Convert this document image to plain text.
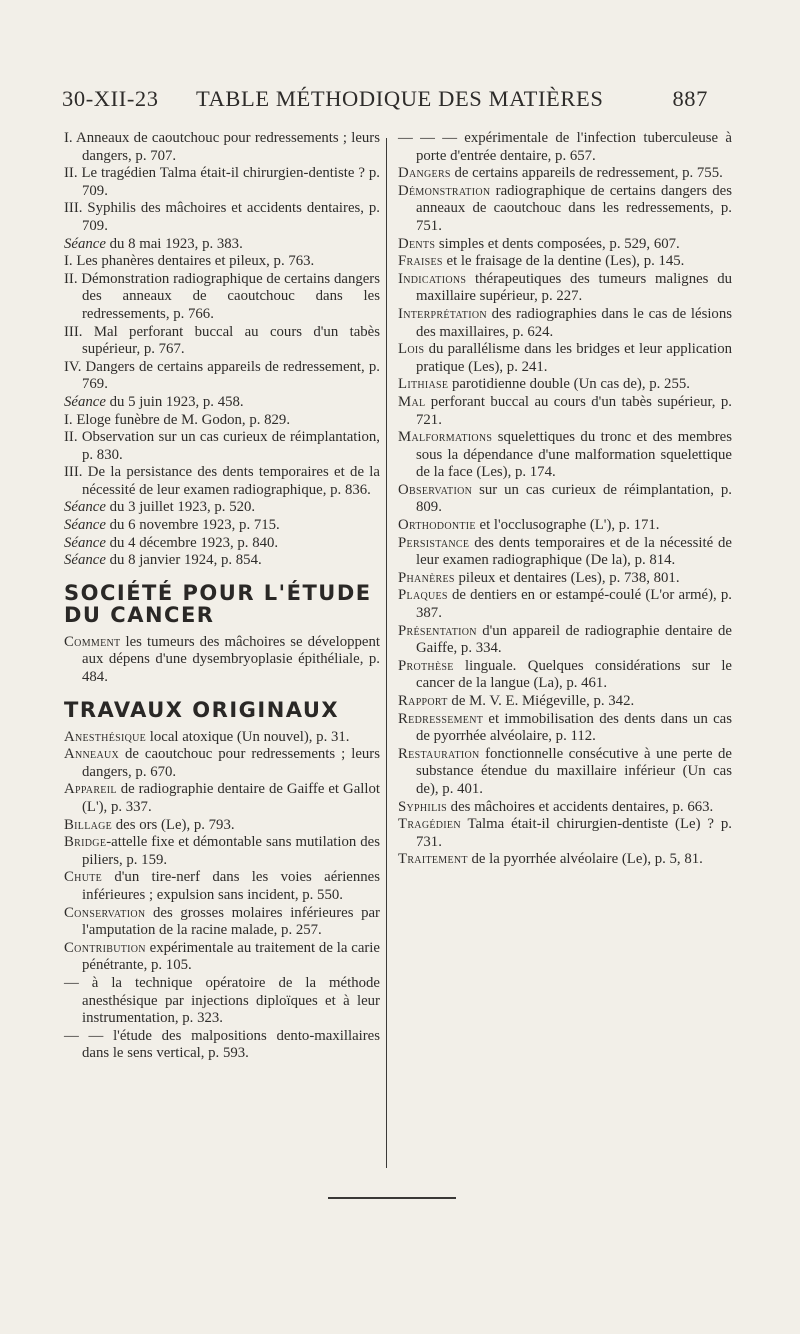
30-XII-23 TABLE MÉTHODIQUE DES MATIÈRES	887

I. Anneaux de caoutchouc pour redressements ; leurs dangers, p. 707.

II. Le tragédien Talma était-il chirurgien-dentiste ? p. 709.

III. Syphilis des mâchoires et accidents dentaires, p. 709.

Séance du 8 mai 1923, p. 383.

I. Les phanères dentaires et pileux, p. 763.

II. Démonstration radiographique de certains dangers des anneaux de caoutchouc dans les redressements, p. 766.

III. Mal perforant buccal au cours d'un tabès supérieur, p. 767.

IV. Dangers de certains appareils de redressement, p. 769.

Séance du 5 juin 1923, p. 458.

I. Eloge funèbre de M. Godon, p. 829.

II. Observation sur un cas curieux de réimplantation, p. 830.

III. De la persistance des dents temporaires et de la nécessité de leur examen radiographique, p. 836.

Séance du 3 juillet 1923, p. 520.

Séance du 6 novembre 1923, p. 715.

Séance du 4 décembre 1923, p. 840.

Séance du 8 janvier 1924, p. 854.

SOCIÉTÉ POUR L'ÉTUDE
DU CANCER

Comment les tumeurs des mâchoires se développent aux dépens d'une dysembryoplasie épithéliale, p. 484.

TRAVAUX ORIGINAUX

Anesthésique local atoxique (Un nouvel), p. 31.

Anneaux de caoutchouc pour redressements ; leurs dangers, p. 670.

Appareil de radiographie dentaire de Gaiffe et Gallot (L'), p. 337.

Billage des ors (Le), p. 793.

Bridge-attelle fixe et démontable sans mutilation des piliers, p. 159.

Chute d'un tire-nerf dans les voies aériennes inférieures ; expulsion sans incident, p. 550.

Conservation des grosses molaires inférieures par l'amputation de la racine malade, p. 257.

Contribution expérimentale au traitement de la carie pénétrante, p. 105.

— à la technique opératoire de la méthode anesthésique par injections diploïques et à leur instrumentation, p. 323.

— — l'étude des malpositions dento-maxillaires dans le sens vertical, p. 593.

— — — expérimentale de l'infection tuberculeuse à porte d'entrée dentaire, p. 657.

Dangers de certains appareils de redressement, p. 755.

Démonstration radiographique de certains dangers des anneaux de caoutchouc dans les redressements, p. 751.

Dents simples et dents composées, p. 529, 607.

Fraises et le fraisage de la dentine (Les), p. 145.

Indications thérapeutiques des tumeurs malignes du maxillaire supérieur, p. 227.

Interprétation des radiographies dans le cas de lésions des maxillaires, p. 624.

Lois du parallélisme dans les bridges et leur application pratique (Les), p. 241.

Lithiase parotidienne double (Un cas de), p. 255.

Mal perforant buccal au cours d'un tabès supérieur, p. 721.

Malformations squelettiques du tronc et des membres sous la dépendance d'une malformation squelettique de la face (Les), p. 174.

Observation sur un cas curieux de réimplantation, p. 809.

Orthodontie et l'occlusographe (L'), p. 171.

Persistance des dents temporaires et de la nécessité de leur examen radiographique (De la), p. 814.

Phanères pileux et dentaires (Les), p. 738, 801.

Plaques de dentiers en or estampé-coulé (L'or armé), p. 387.

Présentation d'un appareil de radiographie dentaire de Gaiffe, p. 334.

Prothèse linguale. Quelques considérations sur le cancer de la langue (La), p. 461.

Rapport de M. V. E. Miégeville, p. 342.

Redressement et immobilisation des dents dans un cas de pyorrhée alvéolaire, p. 112.

Restauration fonctionnelle consécutive à une perte de substance étendue du maxillaire inférieur (Un cas de), p. 401.

Syphilis des mâchoires et accidents dentaires, p. 663.

Tragédien Talma était-il chirurgien-dentiste (Le) ? p. 731.

Traitement de la pyorrhée alvéolaire (Le), p. 5, 81.
